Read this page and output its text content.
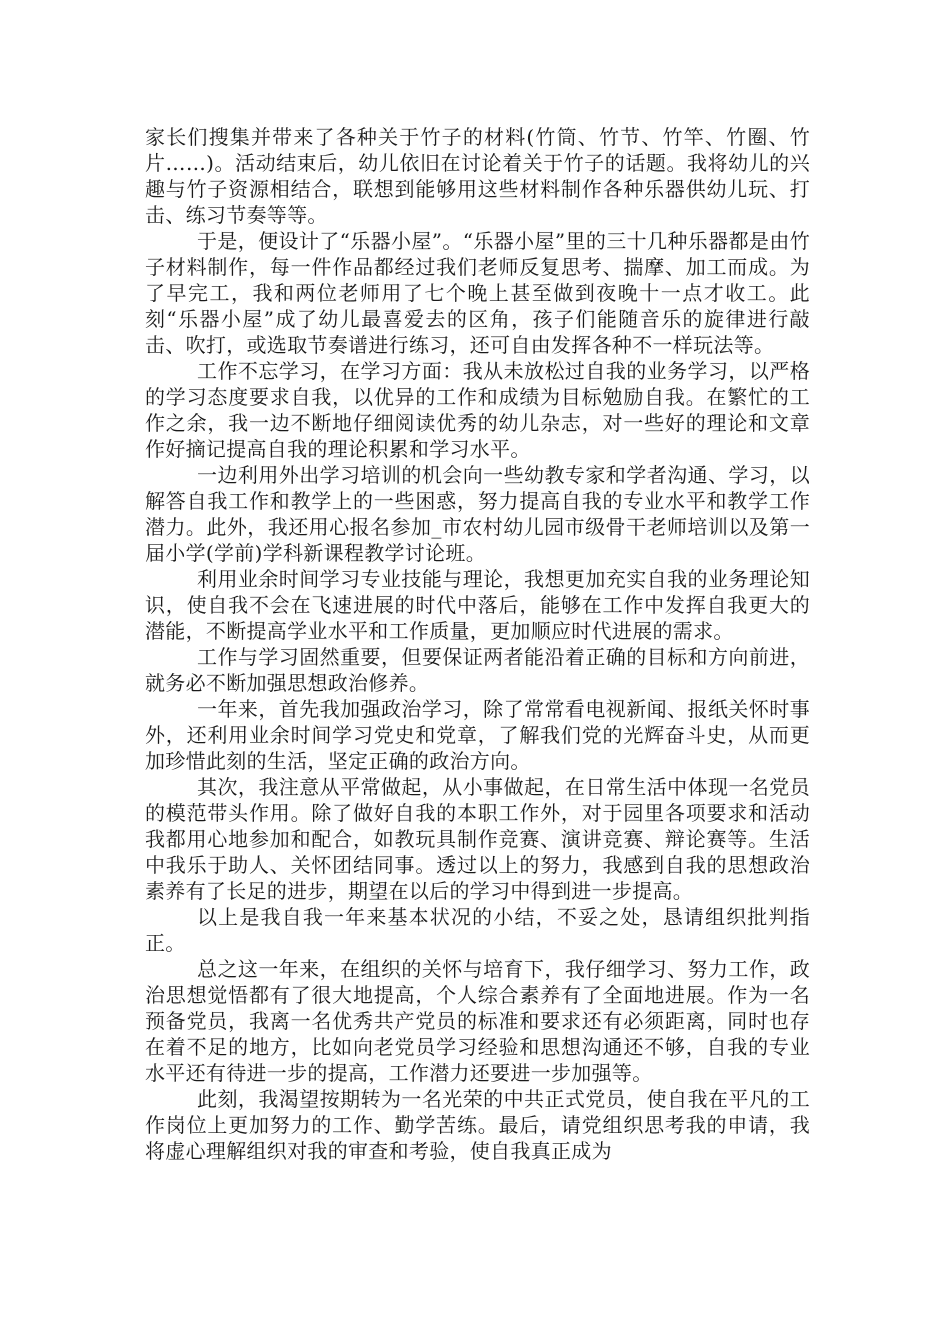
家长们搜集并带来了各种关于竹子的材料(竹筒、竹节、竹竿、竹圈、竹片……)。活动结束后，幼儿依旧在讨论着关于竹子的话题。我将幼儿的兴趣与竹子资源相结合，联想到能够用这些材料制作各种乐器供幼儿玩、打击、练习节奏等等。

于是，便设计了“乐器小屋”。“乐器小屋”里的三十几种乐器都是由竹子材料制作，每一件作品都经过我们老师反复思考、揣摩、加工而成。为了早完工，我和两位老师用了七个晚上甚至做到夜晚十一点才收工。此刻“乐器小屋”成了幼儿最喜爱去的区角，孩子们能随音乐的旋律进行敲击、吹打，或选取节奏谱进行练习，还可自由发挥各种不一样玩法等。

工作不忘学习，在学习方面：我从未放松过自我的业务学习，以严格的学习态度要求自我，以优异的工作和成绩为目标勉励自我。在繁忙的工作之余，我一边不断地仔细阅读优秀的幼儿杂志，对一些好的理论和文章作好摘记提高自我的理论积累和学习水平。

一边利用外出学习培训的机会向一些幼教专家和学者沟通、学习，以解答自我工作和教学上的一些困惑，努力提高自我的专业水平和教学工作潜力。此外，我还用心报名参加_市农村幼儿园市级骨干老师培训以及第一届小学(学前)学科新课程教学讨论班。

利用业余时间学习专业技能与理论，我想更加充实自我的业务理论知识，使自我不会在飞速进展的时代中落后，能够在工作中发挥自我更大的潜能，不断提高学业水平和工作质量，更加顺应时代进展的需求。

工作与学习固然重要，但要保证两者能沿着正确的目标和方向前进，就务必不断加强思想政治修养。

一年来，首先我加强政治学习，除了常常看电视新闻、报纸关怀时事外，还利用业余时间学习党史和党章，了解我们党的光辉奋斗史，从而更加珍惜此刻的生活，坚定正确的政治方向。

其次，我注意从平常做起，从小事做起，在日常生活中体现一名党员的模范带头作用。除了做好自我的本职工作外，对于园里各项要求和活动我都用心地参加和配合，如教玩具制作竞赛、演讲竞赛、辩论赛等。生活中我乐于助人、关怀团结同事。透过以上的努力，我感到自我的思想政治素养有了长足的进步，期望在以后的学习中得到进一步提高。

以上是我自我一年来基本状况的小结，不妥之处，恳请组织批判指正。

总之这一年来，在组织的关怀与培育下，我仔细学习、努力工作，政治思想觉悟都有了很大地提高，个人综合素养有了全面地进展。作为一名预备党员，我离一名优秀共产党员的标准和要求还有必须距离，同时也存在着不足的地方，比如向老党员学习经验和思想沟通还不够，自我的专业水平还有待进一步的提高，工作潜力还要进一步加强等。

此刻，我渴望按期转为一名光荣的中共正式党员，使自我在平凡的工作岗位上更加努力的工作、勤学苦练。最后，请党组织思考我的申请，我将虚心理解组织对我的审查和考验，使自我真正成为
